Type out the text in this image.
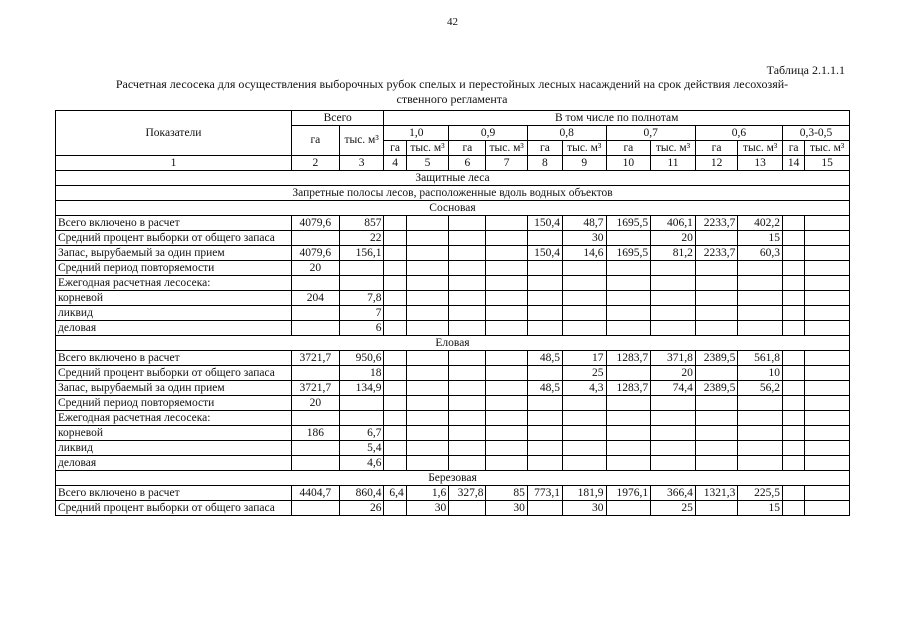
42
Таблица 2.1.1.1
Расчетная лесосека для осуществления выборочных рубок спелых и перестойных лесных насаждений на срок действия лесохозяй-
ственного регламента
Показатели	Всего		В том числе по полнотам											
	га	тыс. м³	1,0		0,9		0,8		0,7		0,6		0,3-0,5	
			га	тыс. м³	га	тыс. м³	га	тыс. м³	га	тыс. м³	га	тыс. м³	га	тыс. м³
1	2	3	4	5	6	7	8	9	10	11	12	13	14	15
Защитные леса														
Запретные полосы лесов, расположенные вдоль водных объектов														
Сосновая														
Всего включено в расчет	4079,6	857					150,4	48,7	1695,5	406,1	2233,7	402,2		
Средний процент выборки от общего запаса		22						30		20		15		
Запас, вырубаемый за один прием	4079,6	156,1					150,4	14,6	1695,5	81,2	2233,7	60,3		
Средний период повторяемости	20													
Ежегодная расчетная лесосека:														
корневой	204	7,8												
ликвид		7												
деловая		6												
Еловая														
Всего включено в расчет	3721,7	950,6					48,5	17	1283,7	371,8	2389,5	561,8		
Средний процент выборки от общего запаса		18						25		20		10		
Запас, вырубаемый за один прием	3721,7	134,9					48,5	4,3	1283,7	74,4	2389,5	56,2		
Средний период повторяемости	20													
Ежегодная расчетная лесосека:														
корневой	186	6,7												
ликвид		5,4												
деловая		4,6												
Березовая														
Всего включено в расчет	4404,7	860,4	6,4	1,6	327,8	85	773,1	181,9	1976,1	366,4	1321,3	225,5		
Средний процент выборки от общего запаса		26		30		30		30		25		15		
